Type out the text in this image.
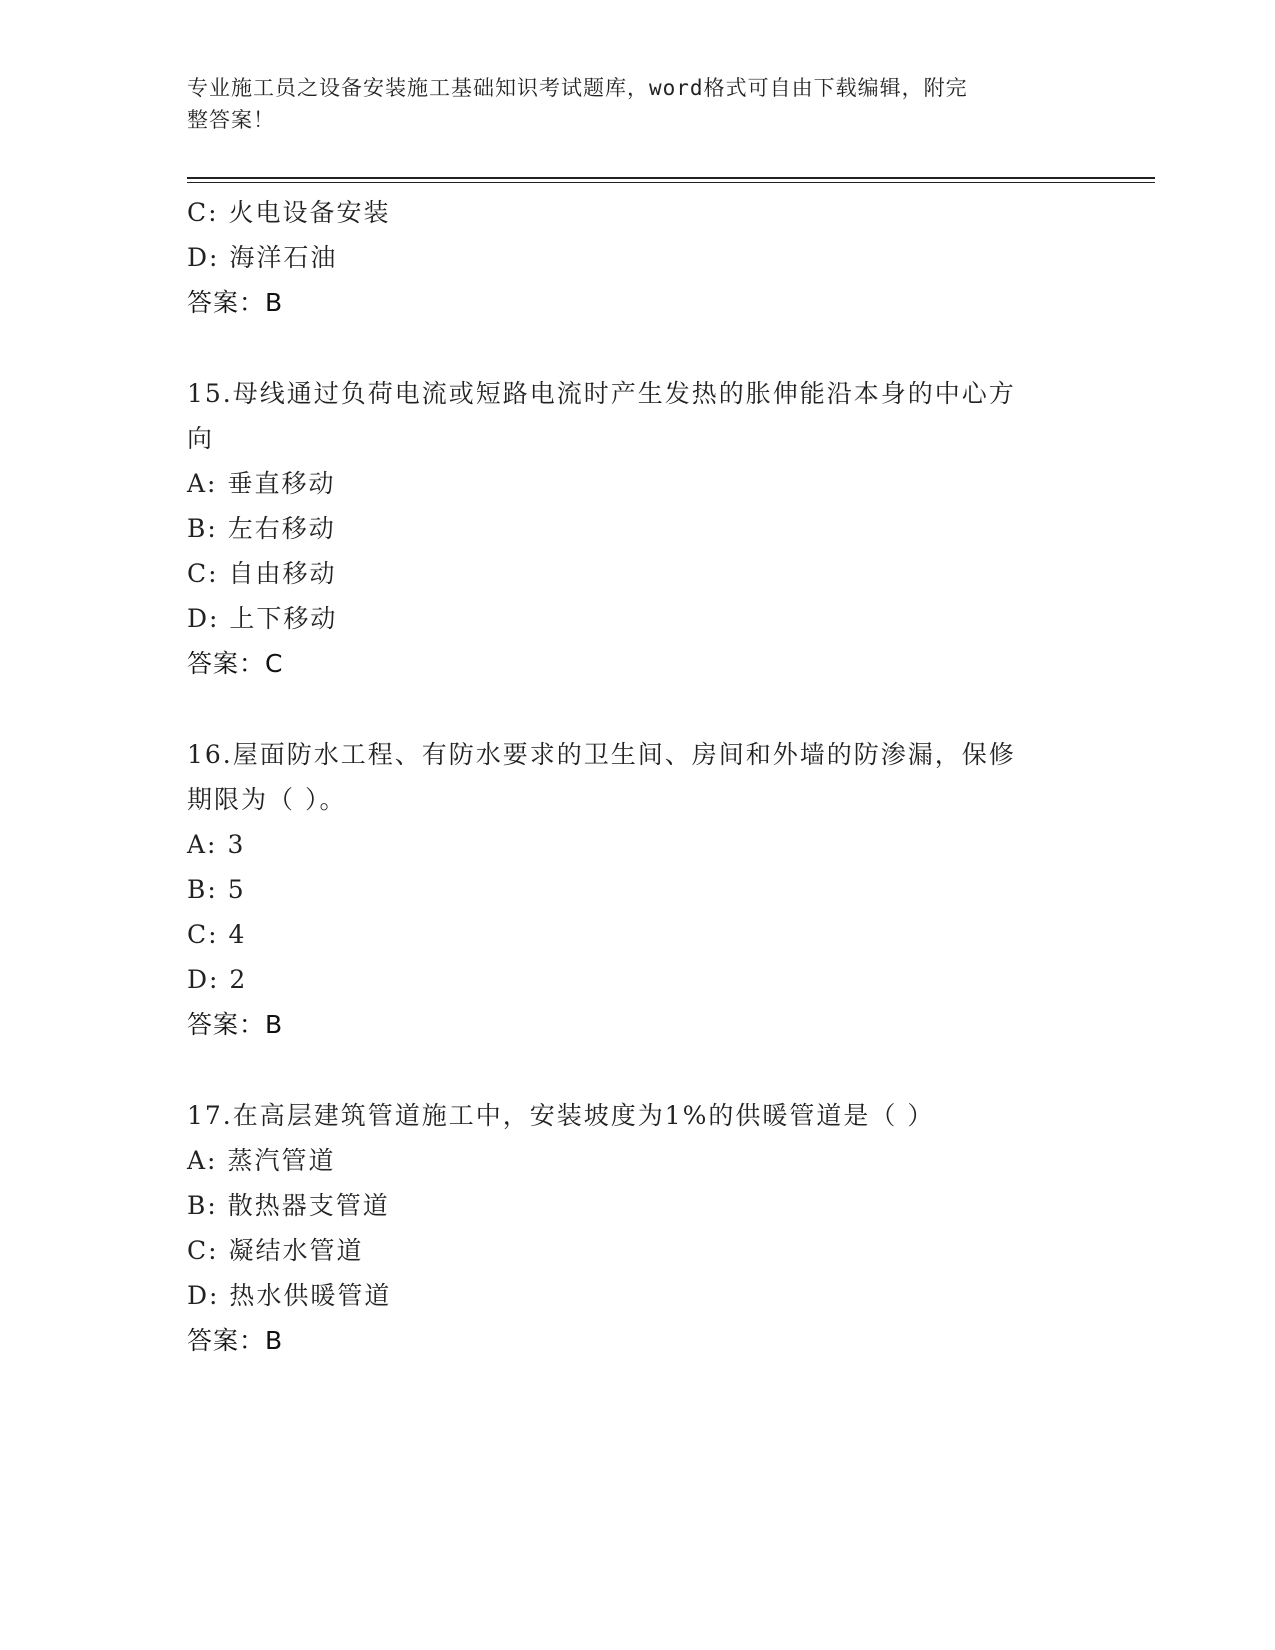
专业施工员之设备安装施工基础知识考试题库，word格式可自由下载编辑，附完
整答案！
C: 火电设备安装
D: 海洋石油
答案：B
15.母线通过负荷电流或短路电流时产生发热的胀伸能沿本身的中心方
向
A: 垂直移动
B: 左右移动
C: 自由移动
D: 上下移动
答案：C
16.屋面防水工程、有防水要求的卫生间、房间和外墙的防渗漏，保修
期限为（ ）。
A: 3
B: 5
C: 4
D: 2
答案：B
17.在高层建筑管道施工中，安装坡度为1%的供暖管道是（ ）
A: 蒸汽管道
B: 散热器支管道
C: 凝结水管道
D: 热水供暖管道
答案：B
